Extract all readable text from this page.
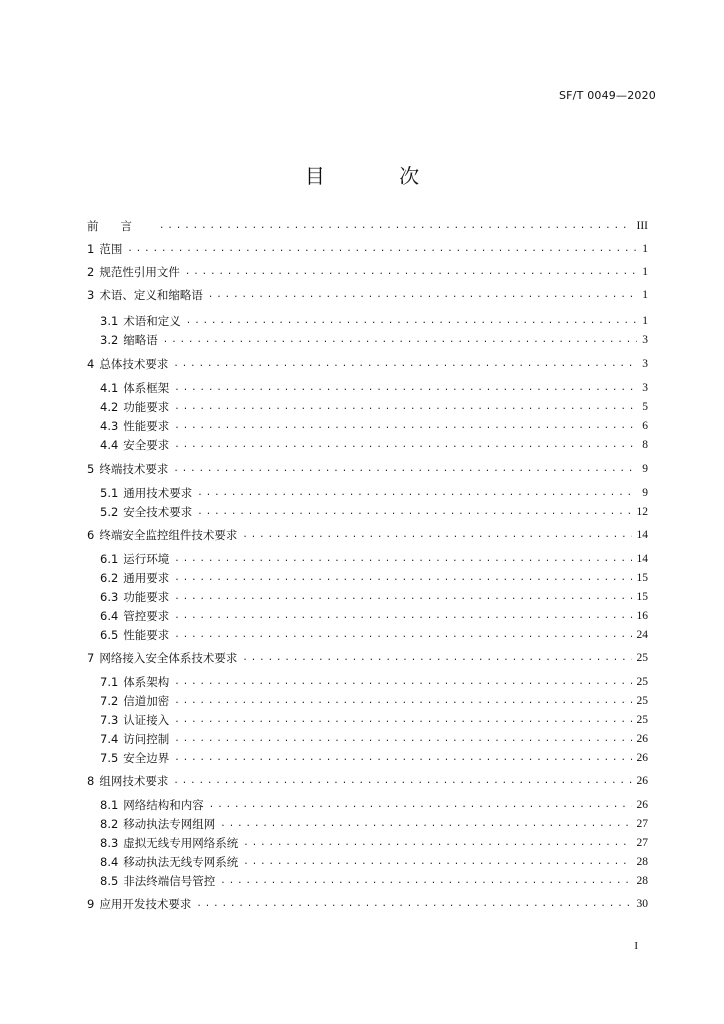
SF/T 0049—2020
目 次
前言 .....	III
1 范围 .....	1
2 规范性引用文件 .....	1
3 术语、定义和缩略语 .....	1
3.1 术语和定义 .....	1
3.2 缩略语 .....	3
4 总体技术要求 .....	3
4.1 体系框架 .....	3
4.2 功能要求 .....	5
4.3 性能要求 .....	6
4.4 安全要求 .....	8
5 终端技术要求 .....	9
5.1 通用技术要求 .....	9
5.2 安全技术要求 .....	12
6 终端安全监控组件技术要求 .....	14
6.1 运行环境 .....	14
6.2 通用要求 .....	15
6.3 功能要求 .....	15
6.4 管控要求 .....	16
6.5 性能要求 .....	24
7 网络接入安全体系技术要求 .....	25
7.1 体系架构 .....	25
7.2 信道加密 .....	25
7.3 认证接入 .....	25
7.4 访问控制 .....	26
7.5 安全边界 .....	26
8 组网技术要求 .....	26
8.1 网络结构和内容 .....	26
8.2 移动执法专网组网 .....	27
8.3 虚拟无线专用网络系统 .....	27
8.4 移动执法无线专网系统 .....	28
8.5 非法终端信号管控 .....	28
9 应用开发技术要求 .....	30
I
